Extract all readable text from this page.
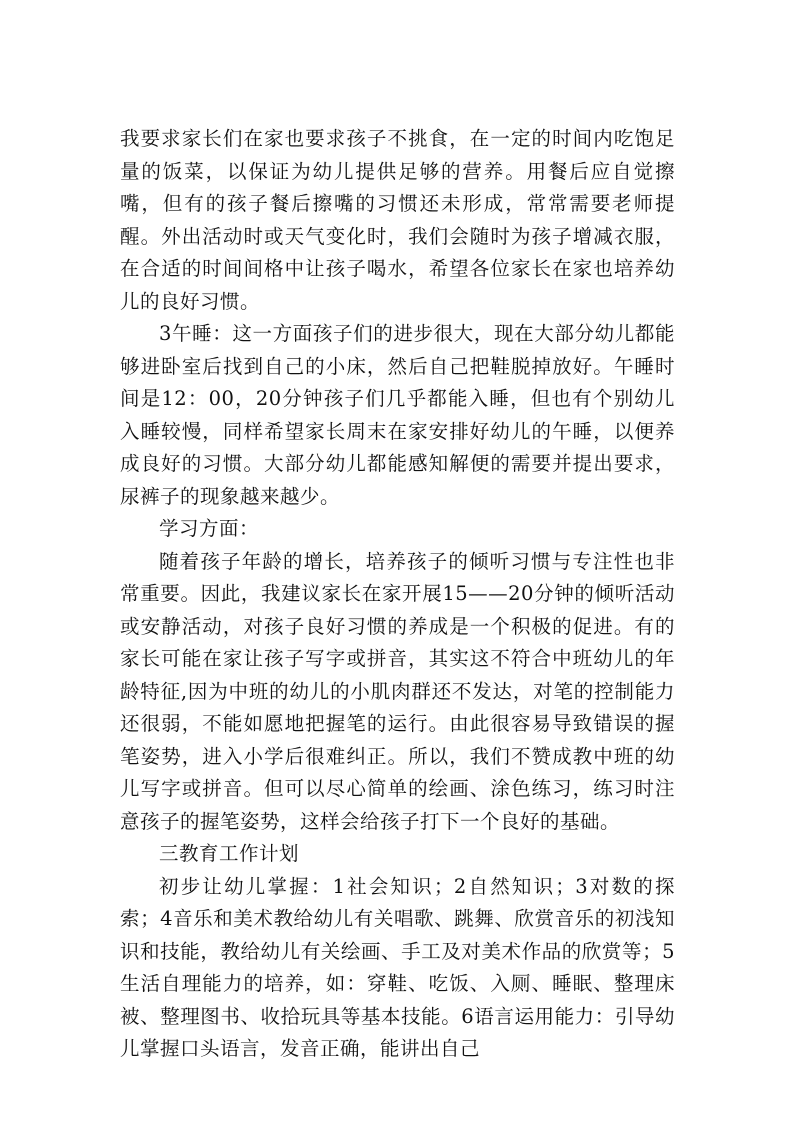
我要求家长们在家也要求孩子不挑食，在一定的时间内吃饱足量的饭菜，以保证为幼儿提供足够的营养。用餐后应自觉擦嘴，但有的孩子餐后擦嘴的习惯还未形成，常常需要老师提醒。外出活动时或天气变化时，我们会随时为孩子增减衣服，在合适的时间间格中让孩子喝水，希望各位家长在家也培养幼儿的良好习惯。

3午睡：这一方面孩子们的进步很大，现在大部分幼儿都能够进卧室后找到自己的小床，然后自己把鞋脱掉放好。午睡时间是12：00，20分钟孩子们几乎都能入睡，但也有个别幼儿入睡较慢，同样希望家长周末在家安排好幼儿的午睡，以便养成良好的习惯。大部分幼儿都能感知解便的需要并提出要求，尿裤子的现象越来越少。

学习方面：

随着孩子年龄的增长，培养孩子的倾听习惯与专注性也非常重要。因此，我建议家长在家开展15——20分钟的倾听活动或安静活动，对孩子良好习惯的养成是一个积极的促进。有的家长可能在家让孩子写字或拼音，其实这不符合中班幼儿的年龄特征,因为中班的幼儿的小肌肉群还不发达，对笔的控制能力还很弱，不能如愿地把握笔的运行。由此很容易导致错误的握笔姿势，进入小学后很难纠正。所以，我们不赞成教中班的幼儿写字或拼音。但可以尽心简单的绘画、涂色练习，练习时注意孩子的握笔姿势，这样会给孩子打下一个良好的基础。

三教育工作计划

初步让幼儿掌握：1社会知识；2自然知识；3对数的探索；4音乐和美术教给幼儿有关唱歌、跳舞、欣赏音乐的初浅知识和技能，教给幼儿有关绘画、手工及对美术作品的欣赏等；5生活自理能力的培养，如：穿鞋、吃饭、入厕、睡眠、整理床被、整理图书、收拾玩具等基本技能。6语言运用能力：引导幼儿掌握口头语言，发音正确，能讲出自己
